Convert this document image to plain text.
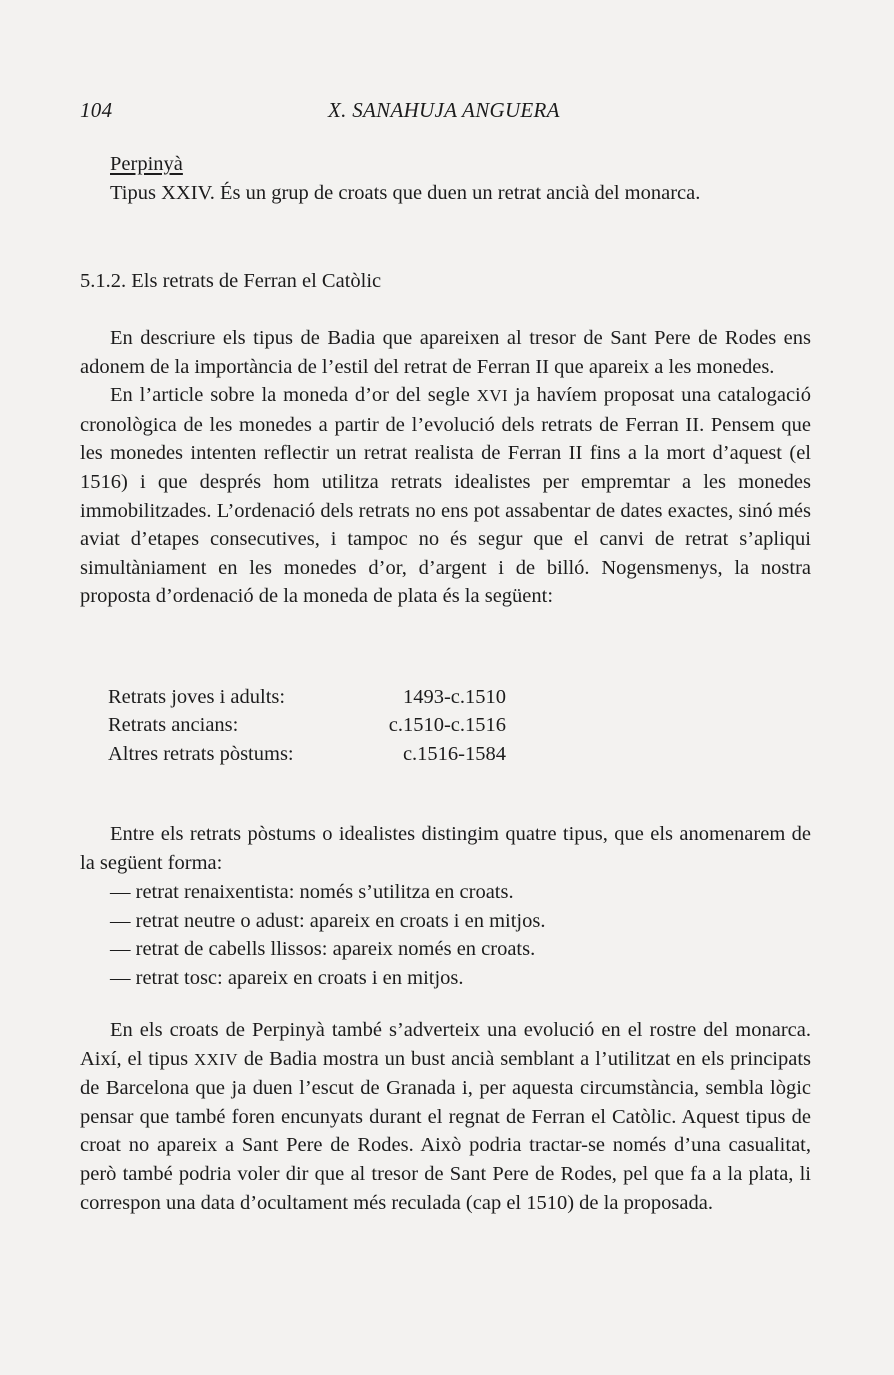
104	X. SANAHUJA ANGUERA

Perpinyà

Tipus XXIV. És un grup de croats que duen un retrat ancià del monarca.

5.1.2. Els retrats de Ferran el Catòlic

En descriure els tipus de Badia que apareixen al tresor de Sant Pere de Rodes ens adonem de la importància de l’estil del retrat de Ferran II que apareix a les monedes.

En l’article sobre la moneda d’or del segle XVI ja havíem proposat una catalogació cronològica de les monedes a partir de l’evolució dels retrats de Ferran II. Pensem que les monedes intenten reflectir un retrat realista de Ferran II fins a la mort d’aquest (el 1516) i que després hom utilitza retrats idealistes per empremtar a les monedes immobilitzades. L’ordenació dels retrats no ens pot assabentar de dates exactes, sinó més aviat d’etapes consecutives, i tampoc no és segur que el canvi de retrat s’apliqui simultàniament en les monedes d’or, d’argent i de billó. Nogensmenys, la nostra proposta d’ordenació de la moneda de plata és la següent:

Retrats joves i adults:	1493-c.1510
Retrats ancians:	c.1510-c.1516
Altres retrats pòstums:	c.1516-1584

Entre els retrats pòstums o idealistes distingim quatre tipus, que els anomenarem de la següent forma:

— retrat renaixentista: només s’utilitza en croats.
— retrat neutre o adust: apareix en croats i en mitjos.
— retrat de cabells llissos: apareix només en croats.
— retrat tosc: apareix en croats i en mitjos.

En els croats de Perpinyà també s’adverteix una evolució en el rostre del monarca. Així, el tipus XXIV de Badia mostra un bust ancià semblant a l’utilitzat en els principats de Barcelona que ja duen l’escut de Granada i, per aquesta circumstància, sembla lògic pensar que també foren encunyats durant el regnat de Ferran el Catòlic. Aquest tipus de croat no apareix a Sant Pere de Rodes. Això podria tractar-se només d’una casualitat, però també podria voler dir que al tresor de Sant Pere de Rodes, pel que fa a la plata, li correspon una data d’ocultament més reculada (cap el 1510) de la proposada.
